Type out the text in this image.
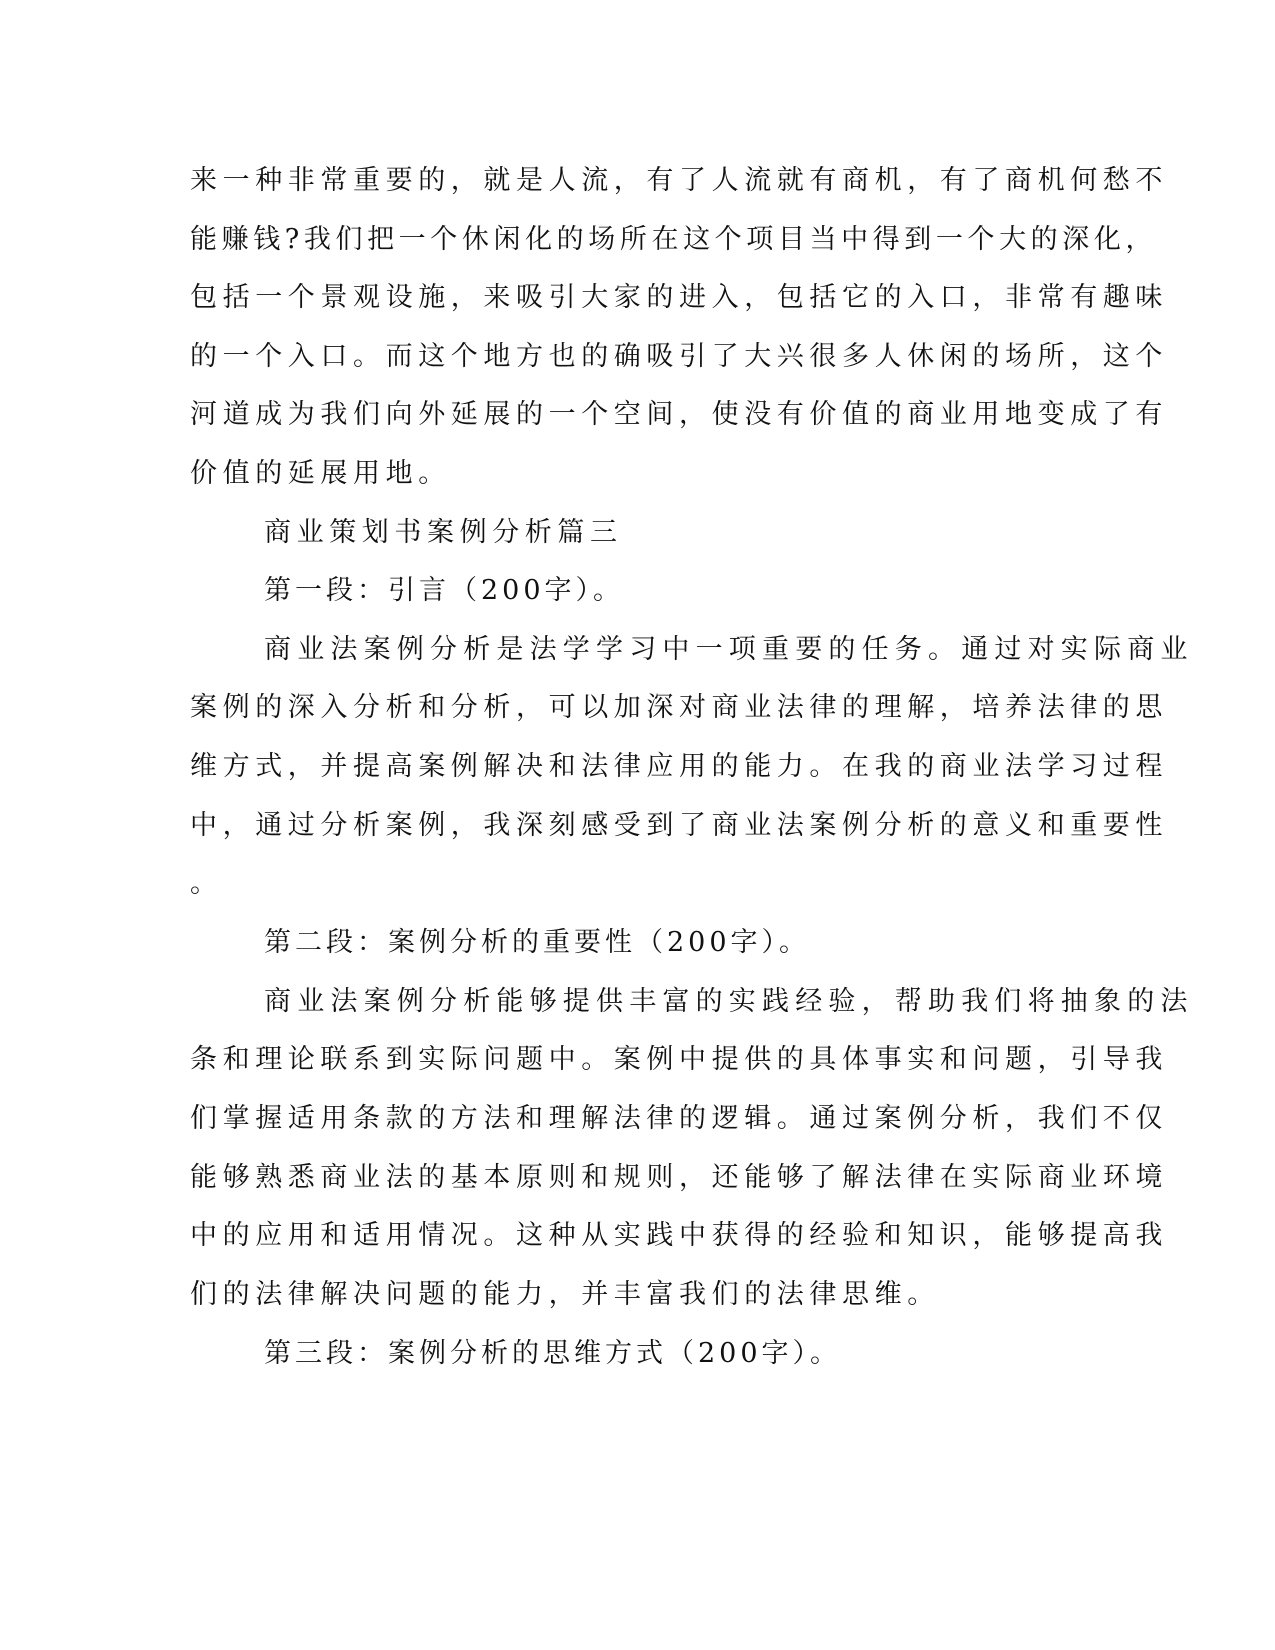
来一种非常重要的，就是人流，有了人流就有商机，有了商机何愁不

能赚钱?我们把一个休闲化的场所在这个项目当中得到一个大的深化，

包括一个景观设施，来吸引大家的进入，包括它的入口，非常有趣味

的一个入口。而这个地方也的确吸引了大兴很多人休闲的场所，这个

河道成为我们向外延展的一个空间，使没有价值的商业用地变成了有

价值的延展用地。

商业策划书案例分析篇三

第一段：引言（200字）。

商业法案例分析是法学学习中一项重要的任务。通过对实际商业

案例的深入分析和分析，可以加深对商业法律的理解，培养法律的思

维方式，并提高案例解决和法律应用的能力。在我的商业法学习过程

中，通过分析案例，我深刻感受到了商业法案例分析的意义和重要性

。

第二段：案例分析的重要性（200字）。

商业法案例分析能够提供丰富的实践经验，帮助我们将抽象的法

条和理论联系到实际问题中。案例中提供的具体事实和问题，引导我

们掌握适用条款的方法和理解法律的逻辑。通过案例分析，我们不仅

能够熟悉商业法的基本原则和规则，还能够了解法律在实际商业环境

中的应用和适用情况。这种从实践中获得的经验和知识，能够提高我

们的法律解决问题的能力，并丰富我们的法律思维。

第三段：案例分析的思维方式（200字）。
